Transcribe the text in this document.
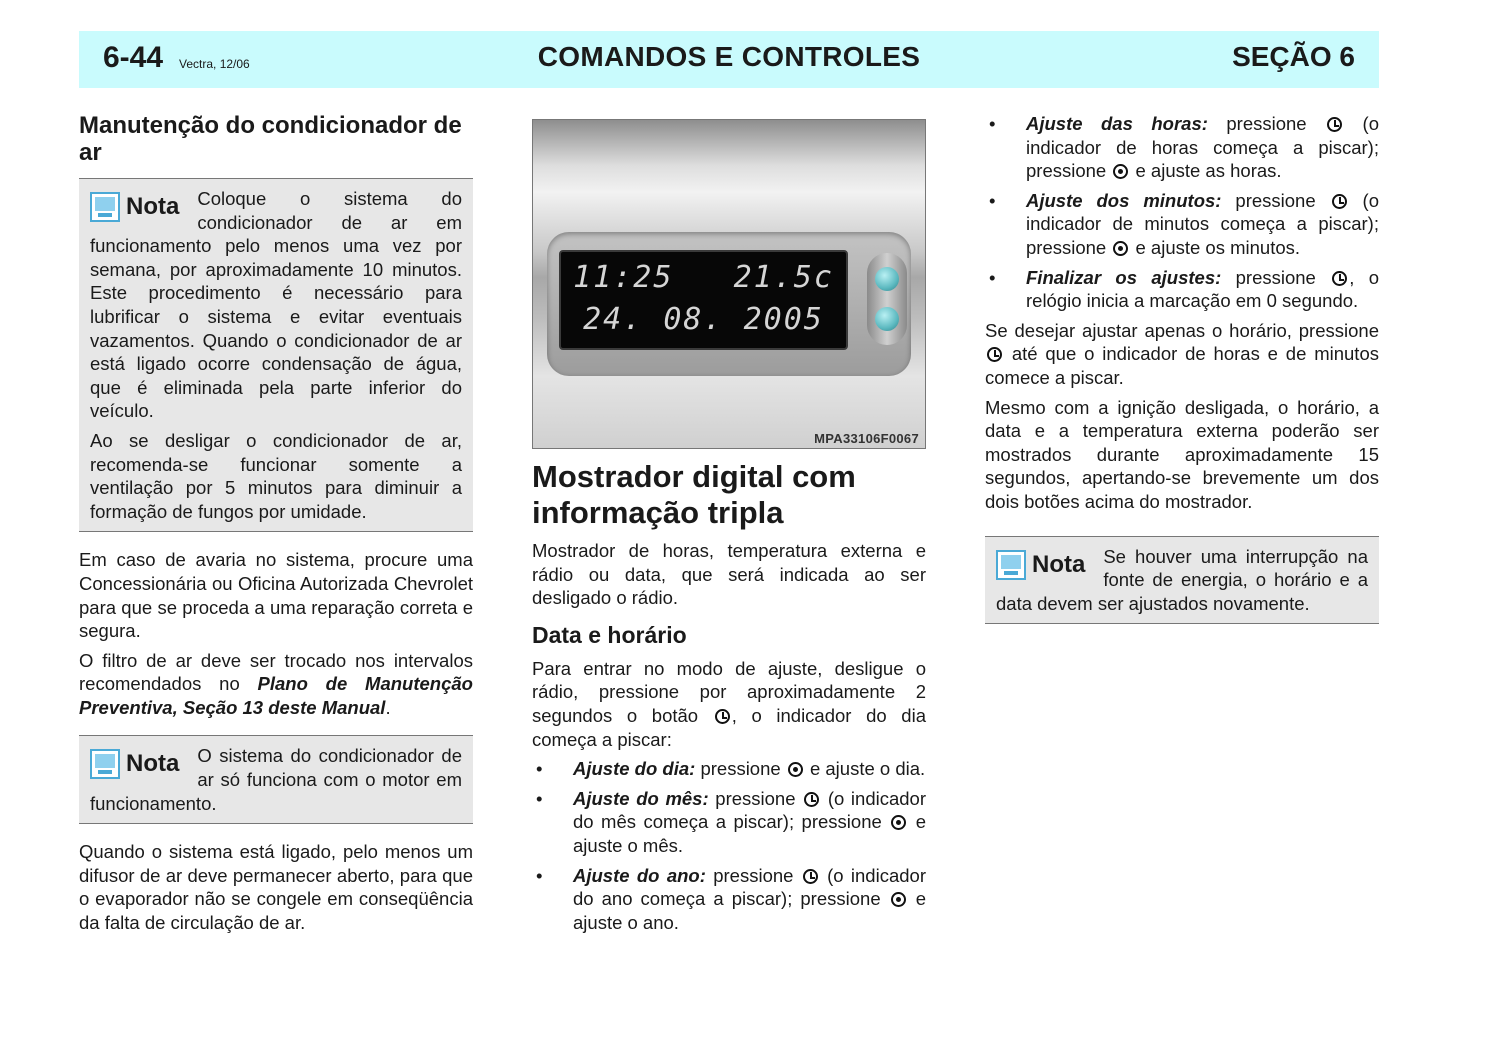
6-44 Vectra, 12/06	COMANDOS E CONTROLES	SEÇÃO 6
Manutenção do condicionador de ar
Nota Coloque o sistema do condicionador de ar em funcionamento pelo menos uma vez por semana, por aproximadamente 10 minutos. Este procedimento é necessário para lubrificar o sistema e evitar eventuais vazamentos. Quando o condicionador de ar está ligado ocorre condensação de água, que é eliminada pela parte inferior do veículo.

Ao se desligar o condicionador de ar, recomenda-se funcionar somente a ventilação por 5 minutos para diminuir a formação de fungos por umidade.

Em caso de avaria no sistema, procure uma Concessionária ou Oficina Autorizada Chevrolet para que se proceda a uma reparação correta e segura.

O filtro de ar deve ser trocado nos intervalos recomendados no Plano de Manutenção Preventiva, Seção 13 deste Manual.

Nota O sistema do condicionador de ar só funciona com o motor em funcionamento.

Quando o sistema está ligado, pelo menos um difusor de ar deve permanecer aberto, para que o evaporador não se congele em conseqüência da falta de circulação de ar.

11:25   21.5c
24. 08. 2005
MPA33106F0067
Mostrador digital com informação tripla

Mostrador de horas, temperatura externa e rádio ou data, que será indicada ao ser desligado o rádio.

Data e horário

Para entrar no modo de ajuste, desligue o rádio, pressione por aproximadamente 2 segundos o botão , o indicador do dia começa a piscar:

• Ajuste do dia: pressione  e ajuste o dia.
• Ajuste do mês: pressione  (o indicador do mês começa a piscar); pressione  e ajuste o mês.
• Ajuste do ano: pressione  (o indicador do ano começa a piscar); pressione  e ajuste o ano.
• Ajuste das horas: pressione  (o indicador de horas começa a piscar); pressione  e ajuste as horas.
• Ajuste dos minutos: pressione  (o indicador de minutos começa a piscar); pressione  e ajuste os minutos.
• Finalizar os ajustes: pressione , o relógio inicia a marcação em 0 segundo.

Se desejar ajustar apenas o horário, pressione  até que o indicador de horas e de minutos comece a piscar.

Mesmo com a ignição desligada, o horário, a data e a temperatura externa poderão ser mostrados durante aproximadamente 15 segundos, apertando-se brevemente um dos dois botões acima do mostrador.

Nota Se houver uma interrupção na fonte de energia, o horário e a data devem ser ajustados novamente.
